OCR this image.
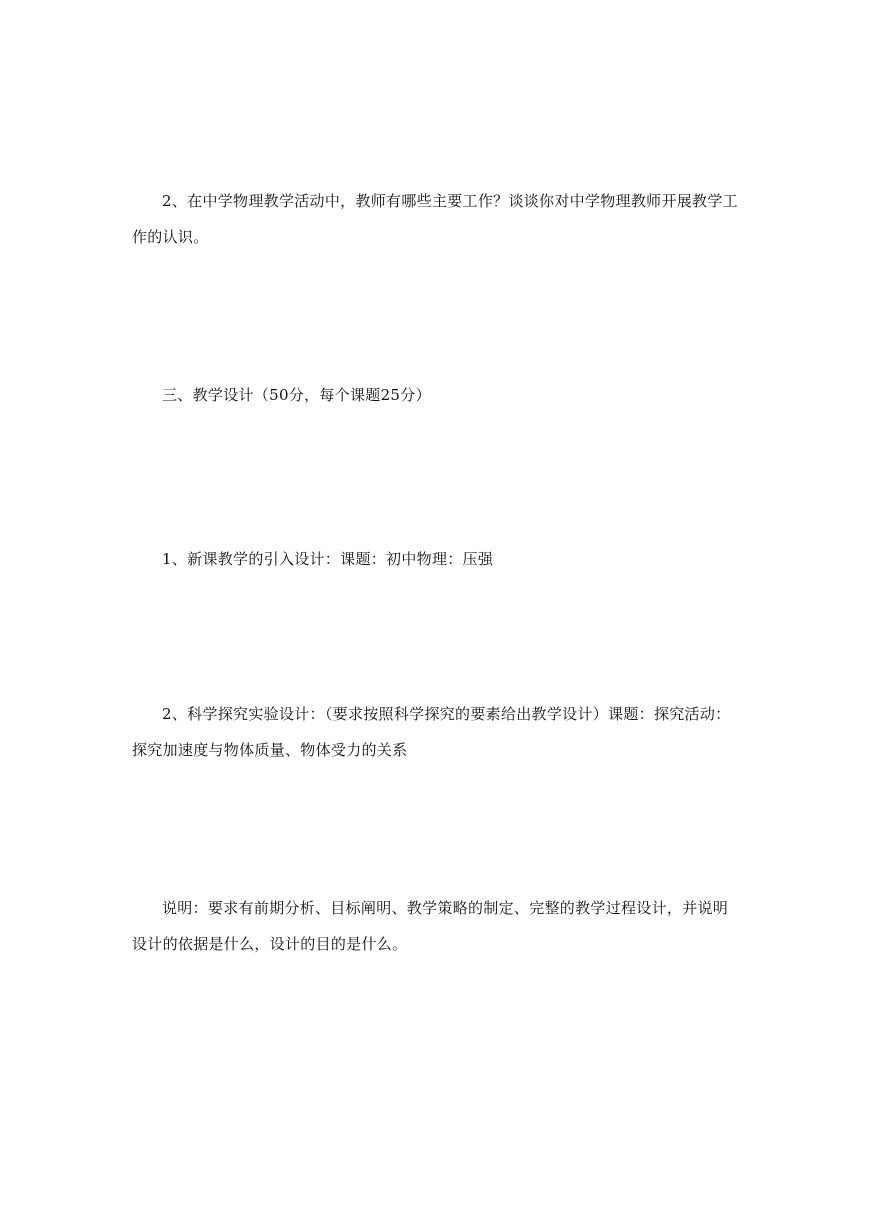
2、在中学物理教学活动中，教师有哪些主要工作？谈谈你对中学物理教师开展教学工作的认识。

三、教学设计（50分，每个课题25分）

1、新课教学的引入设计：课题：初中物理：压强

2、科学探究实验设计：（要求按照科学探究的要素给出教学设计）课题：探究活动：探究加速度与物体质量、物体受力的关系

说明：要求有前期分析、目标阐明、教学策略的制定、完整的教学过程设计，并说明设计的依据是什么，设计的目的是什么。
